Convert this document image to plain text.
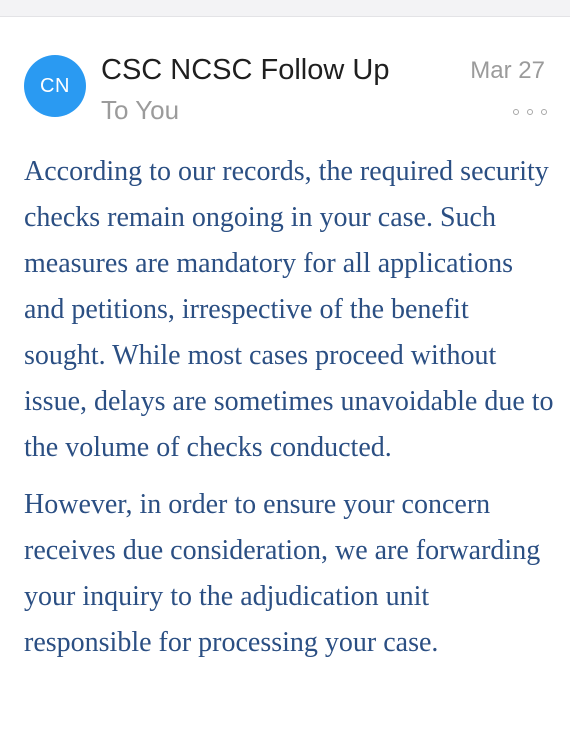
CN	CSC NCSC Follow Up
To You
Mar 27

According to our records, the required security checks remain ongoing in your case. Such measures are mandatory for all applications and petitions, irrespective of the benefit sought. While most cases proceed without issue, delays are sometimes unavoidable due to the volume of checks conducted.

However, in order to ensure your concern receives due consideration, we are forwarding your inquiry to the adjudication unit responsible for processing your case.
